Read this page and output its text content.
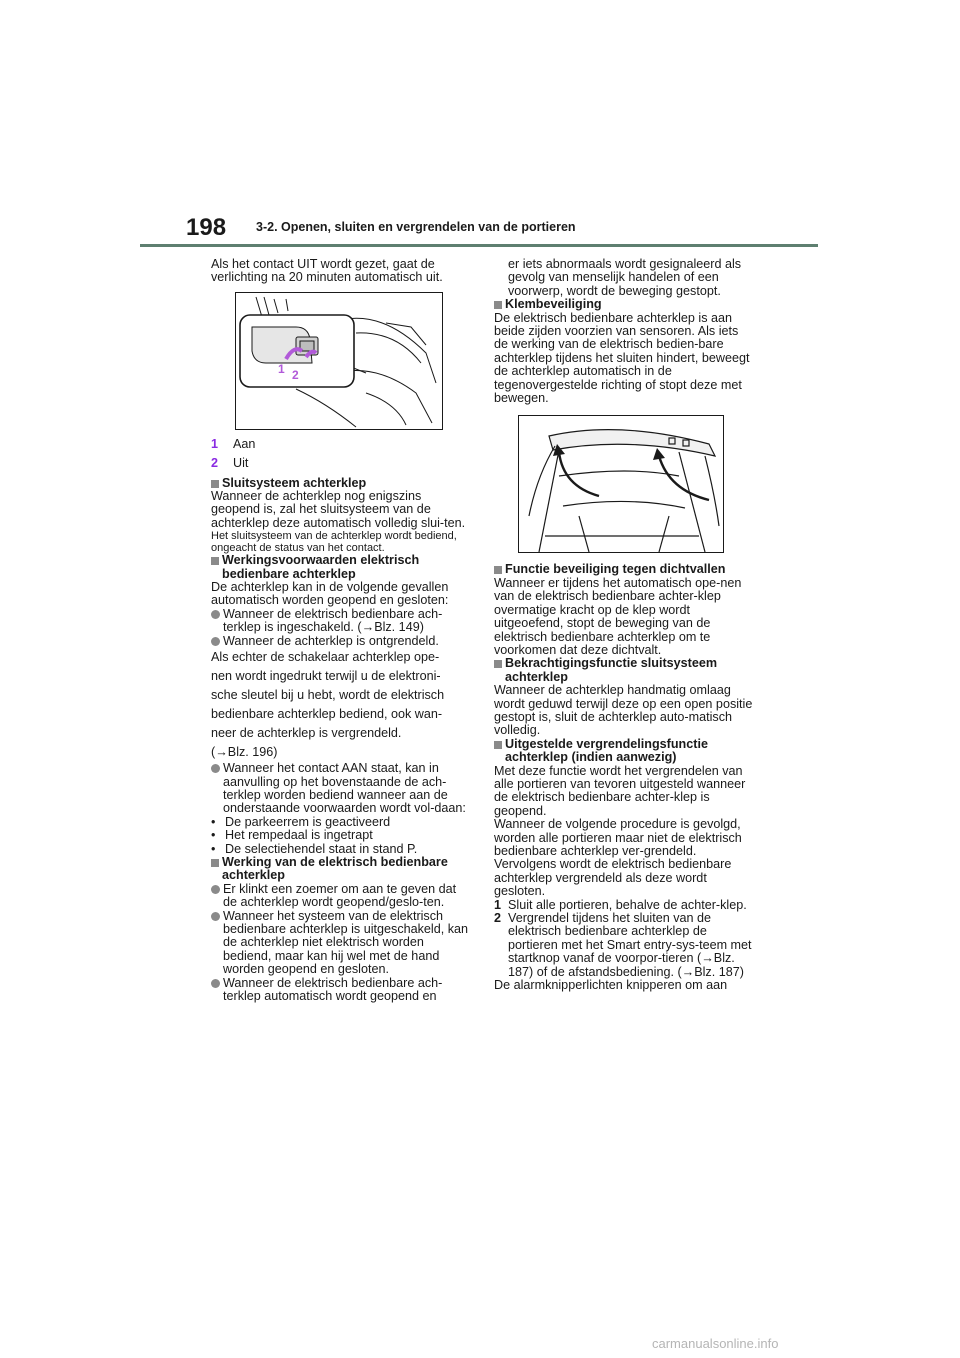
198 3-2. Openen, sluiten en vergrendelen van de portieren

Als het contact UIT wordt gezet, gaat de verlichting na 20 minuten automatisch uit.

1 2
1	Aan
2	Uit
Sluitsysteem achterklep

Wanneer de achterklep nog enigszins geopend is, zal het sluitsysteem van de achterklep deze automatisch volledig slui-ten.

Het sluitsysteem van de achterklep wordt bediend, ongeacht de status van het contact.

Werkingsvoorwaarden elektrisch bedienbare achterklep

De achterklep kan in de volgende gevallen automatisch worden geopend en gesloten:

Wanneer de elektrisch bedienbare ach-terklep is ingeschakeld. (→Blz. 149)
Wanneer de achterklep is ontgrendeld.
Als echter de schakelaar achterklep ope-
nen wordt ingedrukt terwijl u de elektroni-
sche sleutel bij u hebt, wordt de elektrisch
bedienbare achterklep bediend, ook wan-
neer de achterklep is vergrendeld.
(→Blz. 196)
Wanneer het contact AAN staat, kan in aanvulling op het bovenstaande de ach-terklep worden bediend wanneer aan de onderstaande voorwaarden wordt vol-daan:
• De parkeerrem is geactiveerd
• Het rempedaal is ingetrapt
• De selectiehendel staat in stand P.
Werking van de elektrisch bedienbare achterklep
Er klinkt een zoemer om aan te geven dat de achterklep wordt geopend/geslo-ten.
Wanneer het systeem van de elektrisch bedienbare achterklep is uitgeschakeld, kan de achterklep niet elektrisch worden bediend, maar kan hij wel met de hand worden geopend en gesloten.
Wanneer de elektrisch bedienbare ach-terklep automatisch wordt geopend en

er iets abnormaals wordt gesignaleerd als gevolg van menselijk handelen of een voorwerp, wordt de beweging gestopt.

Klembeveiliging

De elektrisch bedienbare achterklep is aan beide zijden voorzien van sensoren. Als iets de werking van de elektrisch bedien-bare achterklep tijdens het sluiten hindert, beweegt de achterklep automatisch in de tegenovergestelde richting of stopt deze met bewegen.

Functie beveiliging tegen dichtvallen

Wanneer er tijdens het automatisch ope-nen van de elektrisch bedienbare achter-klep overmatige kracht op de klep wordt uitgeoefend, stopt de beweging van de elektrisch bedienbare achterklep om te voorkomen dat deze dichtvalt.

Bekrachtigingsfunctie sluitsysteem achterklep

Wanneer de achterklep handmatig omlaag wordt geduwd terwijl deze op een open positie gestopt is, sluit de achterklep auto-matisch volledig.

Uitgestelde vergrendelingsfunctie achterklep (indien aanwezig)

Met deze functie wordt het vergrendelen van alle portieren van tevoren uitgesteld wanneer de elektrisch bedienbare achter-klep is geopend.

Wanneer de volgende procedure is gevolgd, worden alle portieren maar niet de elektrisch bedienbare achterklep ver-grendeld. Vervolgens wordt de elektrisch bedienbare achterklep vergrendeld als deze wordt gesloten.

1 Sluit alle portieren, behalve de achter-klep.
2 Vergrendel tijdens het sluiten van de elektrisch bedienbare achterklep de portieren met het Smart entry-sys-teem met startknop vanaf de voorpor-tieren (→Blz. 187) of de afstandsbediening. (→Blz. 187)

De alarmknipperlichten knipperen om aan

carmanualsonline.info
